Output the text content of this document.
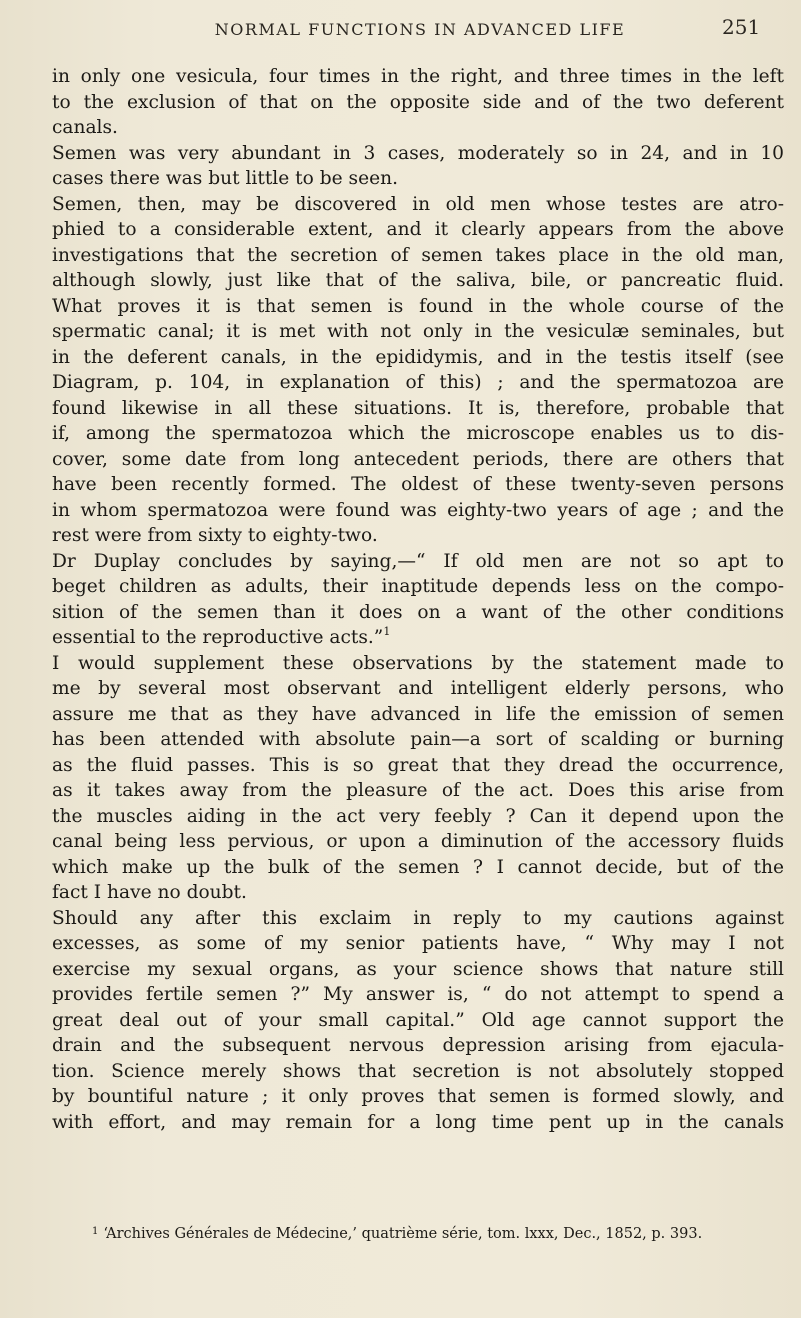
NORMAL FUNCTIONS IN ADVANCED LIFE	251
in only one vesicula, four times in the right, and three times in the left
to the exclusion of that on the opposite side and of the two deferent
canals.
Semen was very abundant in 3 cases, moderately so in 24, and in 10
cases there was but little to be seen.
Semen, then, may be discovered in old men whose testes are atro-
phied to a considerable extent, and it clearly appears from the above
investigations that the secretion of semen takes place in the old man,
although slowly, just like that of the saliva, bile, or pancreatic fluid.
What proves it is that semen is found in the whole course of the
spermatic canal; it is met with not only in the vesiculæ seminales, but
in the deferent canals, in the epididymis, and in the testis itself (see
Diagram, p. 104, in explanation of this) ; and the spermatozoa are
found likewise in all these situations. It is, therefore, probable that
if, among the spermatozoa which the microscope enables us to dis-
cover, some date from long antecedent periods, there are others that
have been recently formed. The oldest of these twenty-seven persons
in whom spermatozoa were found was eighty-two years of age ; and the
rest were from sixty to eighty-two.
Dr Duplay concludes by saying,—“ If old men are not so apt to
beget children as adults, their inaptitude depends less on the compo-
sition of the semen than it does on a want of the other conditions
essential to the reproductive acts.”$^1$
I would supplement these observations by the statement made to
me by several most observant and intelligent elderly persons, who
assure me that as they have advanced in life the emission of semen
has been attended with absolute pain—a sort of scalding or burning
as the fluid passes. This is so great that they dread the occurrence,
as it takes away from the pleasure of the act. Does this arise from
the muscles aiding in the act very feebly ? Can it depend upon the
canal being less pervious, or upon a diminution of the accessory fluids
which make up the bulk of the semen ? I cannot decide, but of the
fact I have no doubt.
Should any after this exclaim in reply to my cautions against
excesses, as some of my senior patients have, “ Why may I not
exercise my sexual organs, as your science shows that nature still
provides fertile semen ?” My answer is, “ do not attempt to spend a
great deal out of your small capital.” Old age cannot support the
drain and the subsequent nervous depression arising from ejacula-
tion. Science merely shows that secretion is not absolutely stopped
by bountiful nature ; it only proves that semen is formed slowly, and
with effort, and may remain for a long time pent up in the canals
$^1$ ‘Archives Générales de Médecine,’ quatrième série, tom. lxxx, Dec., 1852, p. 393.
